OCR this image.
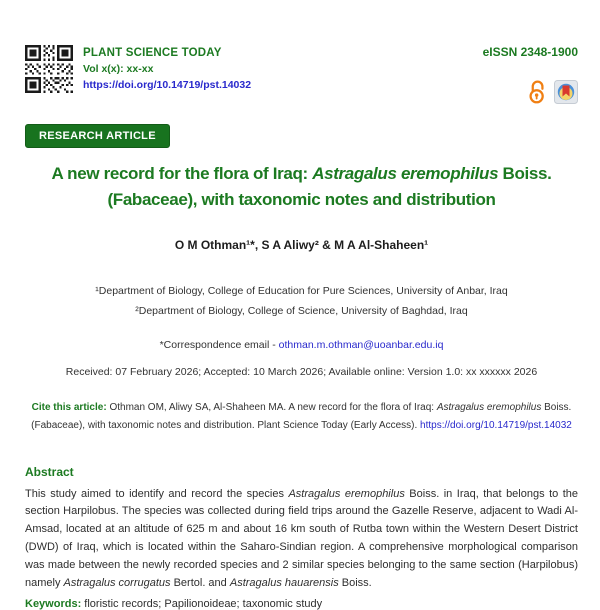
PLANT SCIENCE TODAY
Vol x(x): xx-xx
https://doi.org/10.14719/pst.14032
eISSN 2348-1900
RESEARCH ARTICLE
A new record for the flora of Iraq: Astragalus eremophilus Boiss.
(Fabaceae), with taxonomic notes and distribution
O M Othman¹*, S A Aliwy² & M A Al-Shaheen¹
¹Department of Biology, College of Education for Pure Sciences, University of Anbar, Iraq
²Department of Biology, College of Science, University of Baghdad, Iraq
*Correspondence email - othman.m.othman@uoanbar.edu.iq
Received: 07 February 2026; Accepted: 10 March 2026; Available online: Version 1.0: xx xxxxxx 2026
Cite this article: Othman OM, Aliwy SA, Al-Shaheen MA. A new record for the flora of Iraq: Astragalus eremophilus Boiss. (Fabaceae), with taxonomic notes and distribution. Plant Science Today (Early Access). https://doi.org/10.14719/pst.14032
Abstract

This study aimed to identify and record the species Astragalus eremophilus Boiss. in Iraq, that belongs to the section Harpilobus. The species was collected during field trips around the Gazelle Reserve, adjacent to Wadi Al-Amsad, located at an altitude of 625 m and about 16 km south of Rutba town within the Western Desert District (DWD) of Iraq, which is located within the Saharo-Sindian region. A comprehensive morphological comparison was made between the newly recorded species and 2 similar species belonging to the same section (Harpilobus) namely Astragalus corrugatus Bertol. and Astragalus hauarensis Boiss.

Keywords: floristic records; Papilionoideae; taxonomic study
